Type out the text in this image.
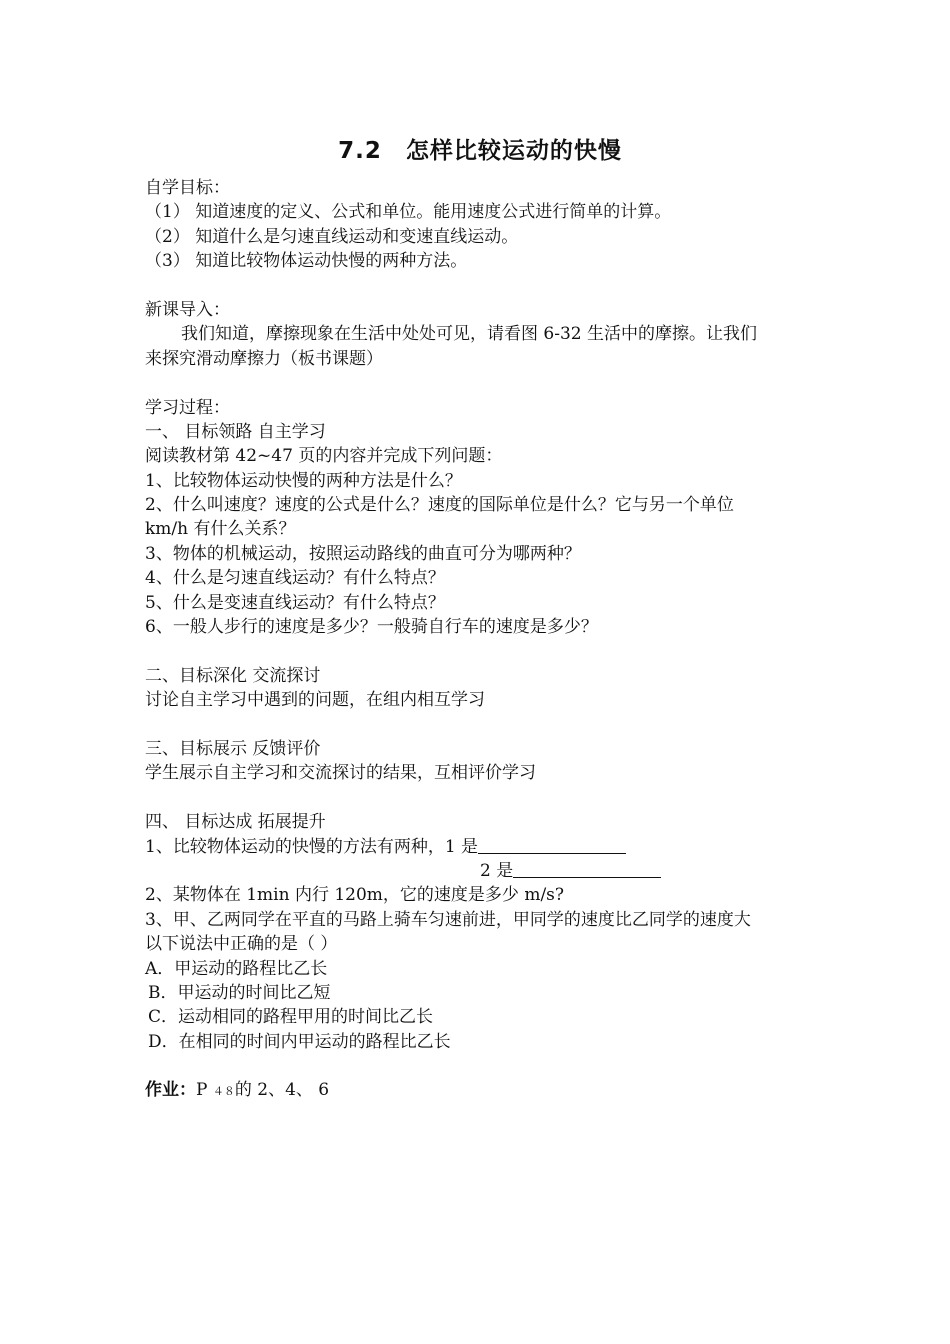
7.2　怎样比较运动的快慢
自学目标：
（1） 知道速度的定义、公式和单位。能用速度公式进行简单的计算。
（2） 知道什么是匀速直线运动和变速直线运动。
（3） 知道比较物体运动快慢的两种方法。
新课导入：
我们知道，摩擦现象在生活中处处可见，请看图 6-32 生活中的摩擦。让我们
来探究滑动摩擦力（板书课题）
学习过程：
一、 目标领路 自主学习
阅读教材第 42~47 页的内容并完成下列问题：
1、比较物体运动快慢的两种方法是什么？
2、什么叫速度？速度的公式是什么？速度的国际单位是什么？它与另一个单位
km/h 有什么关系？
3、物体的机械运动，按照运动路线的曲直可分为哪两种？
4、什么是匀速直线运动？有什么特点？
5、什么是变速直线运动？有什么特点？
6、一般人步行的速度是多少？一般骑自行车的速度是多少？
二、目标深化 交流探讨
讨论自主学习中遇到的问题，在组内相互学习
三、目标展示 反馈评价
学生展示自主学习和交流探讨的结果，互相评价学习
四、 目标达成 拓展提升
1、比较物体运动的快慢的方法有两种，1 是
2 是
2、某物体在 1min 内行 120m，它的速度是多少 m/s?
3、甲、乙两同学在平直的马路上骑车匀速前进，甲同学的速度比乙同学的速度大
以下说法中正确的是（ ）
A．甲运动的路程比乙长
B．甲运动的时间比乙短
C．运动相同的路程甲用的时间比乙长
D．在相同的时间内甲运动的路程比乙长
作业：P ４８的 2、4、 6
